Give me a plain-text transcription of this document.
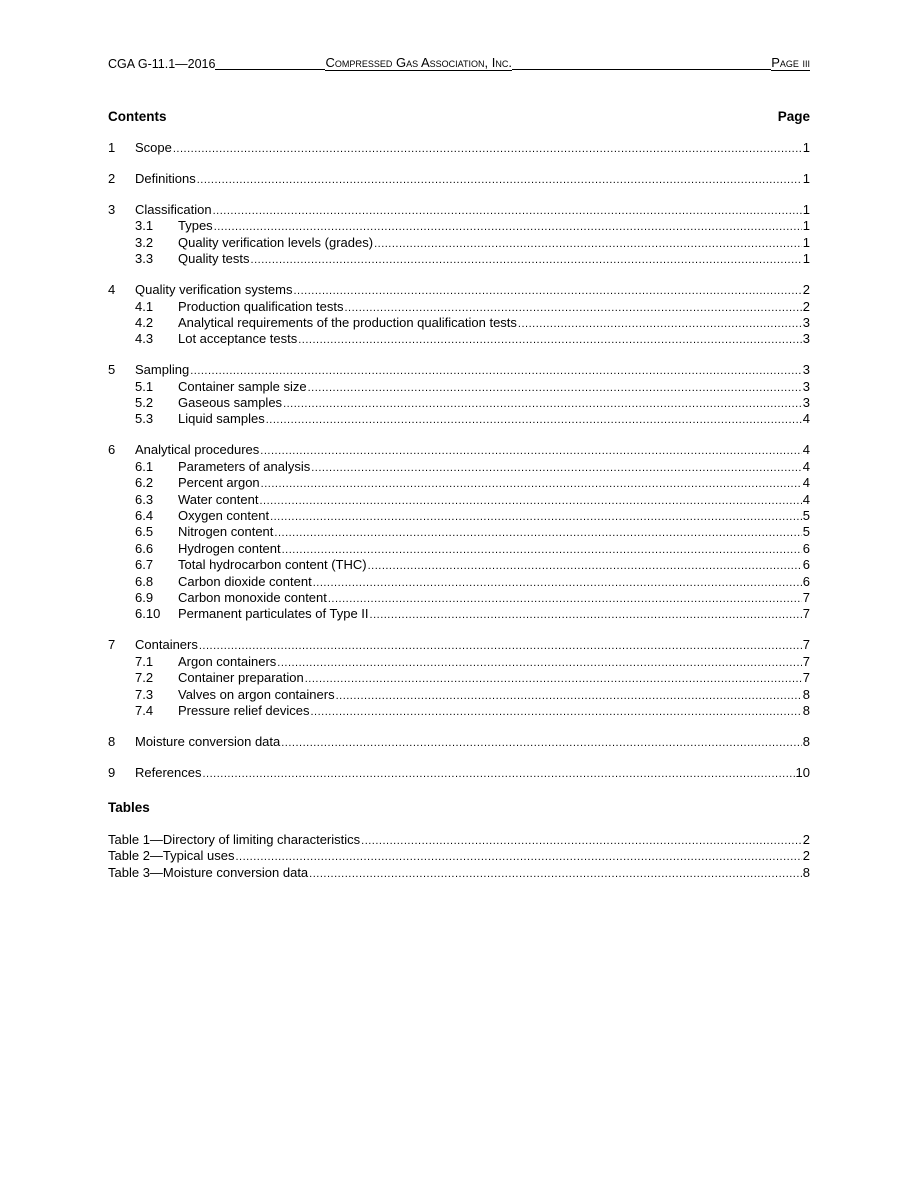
CGA G-11.1—2016	Compressed Gas Association, Inc.	Page iii
Contents	Page
1	Scope .....	1
2	Definitions .....	1
3	Classification .....	1
3.1	Types .....	1
3.2	Quality verification levels (grades) .....	1
3.3	Quality tests .....	1
4	Quality verification systems .....	2
4.1	Production qualification tests .....	2
4.2	Analytical requirements of the production qualification tests .....	3
4.3	Lot acceptance tests .....	3
5	Sampling .....	3
5.1	Container sample size .....	3
5.2	Gaseous samples .....	3
5.3	Liquid samples .....	4
6	Analytical procedures .....	4
6.1	Parameters of analysis .....	4
6.2	Percent argon .....	4
6.3	Water content .....	4
6.4	Oxygen content .....	5
6.5	Nitrogen content .....	5
6.6	Hydrogen content .....	6
6.7	Total hydrocarbon content (THC) .....	6
6.8	Carbon dioxide content .....	6
6.9	Carbon monoxide content .....	7
6.10	Permanent particulates of Type II .....	7
7	Containers .....	7
7.1	Argon containers .....	7
7.2	Container preparation .....	7
7.3	Valves on argon containers .....	8
7.4	Pressure relief devices .....	8
8	Moisture conversion data .....	8
9	References .....	10
Tables
Table 1—Directory of limiting characteristics .....	2
Table 2—Typical uses .....	2
Table 3—Moisture conversion data .....	8
